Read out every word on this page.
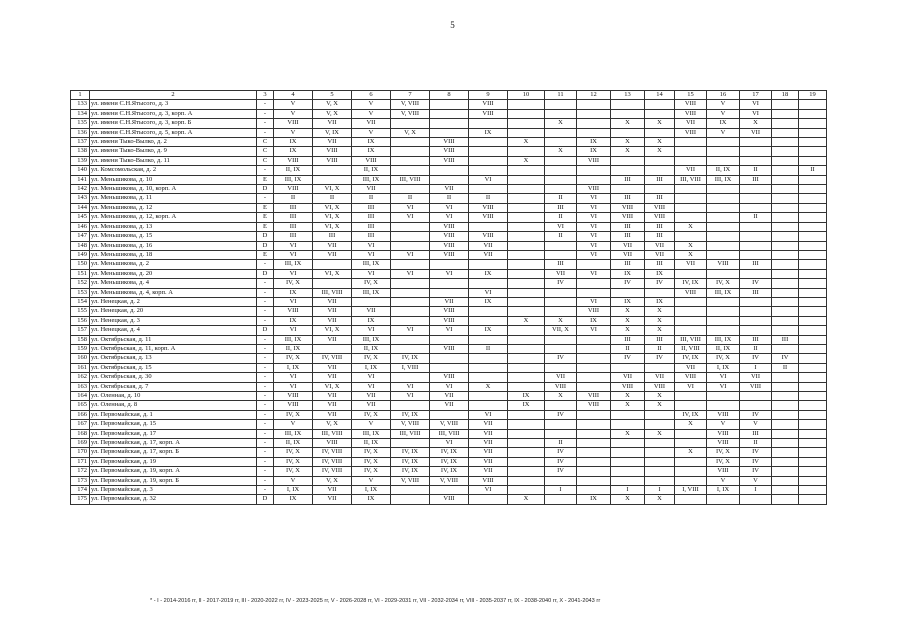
5
1	2	3	4	5	6	7	8	9	10	11	12	13	14	15	16	17	18	19
133	ул. имени С.Н.Ятысого, д. 3	-	V	V, X	V	V, VIII		VIII						VIII	V	VI		
134	ул. имени С.Н.Ятысого, д. 3, корп. А	-	V	V, X	V	V, VIII		VIII						VIII	V	VI		
135	ул. имени С.Н.Ятысого, д. 3, корп. Б	-	VIII	VII	VII					X		X	X	VII	IX	X		
136	ул. имени С.Н.Ятысого, д. 5, корп. А	-	V	V, IX	V	V, X		IX						VIII	V	VII		
137	ул. имени Тыко-Вылко, д. 2	С	IX	VII	IX		VIII		X		IX	X	X					
138	ул. имени Тыко-Вылко, д. 9	С	IX	VIII	IX		VIII			X	IX	X	X					
139	ул. имени Тыко-Вылко, д. 11	С	VIII	VIII	VIII		VIII		X		VIII							
140	ул. Комсомольская, д. 2	-	II, IX		II, IX									VII	II, IX	II		II
141	ул. Меньшикова, д. 10	E	III, IX		III, IX	III, VIII		VI				III	III	III, VIII	III, IX	III		
142	ул. Меньшикова, д. 10, корп. А	D	VIII	VI, X	VII		VII				VIII							
143	ул. Меньшикова, д. 11	-	II	II	II	II	II	II		II	VI	III	III					
144	ул. Меньшикова, д. 12	E	III	VI, X	III	VI	VI	VIII		III	VI	VIII	VIII					
145	ул. Меньшикова, д. 12, корп. А	E	III	VI, X	III	VI	VI	VIII		II	VI	VIII	VIII			II		
146	ул. Меньшикова, д. 13	E	III	VI, X	III		VIII			VI	VI	III	III	X				
147	ул. Меньшикова, д. 15	D	III	III	III		VIII	VIII		II	VI	III	III					
148	ул. Меньшикова, д. 16	D	VI	VII	VI		VIII	VII			VI	VII	VII	X				
149	ул. Меньшикова, д. 18	E	VI	VII	VI	VI	VIII	VII			VI	VII	VII	X				
150	ул. Меньшикова, д. 2	-	III, IX		III, IX					III		III	III	VII	VIII	III		
151	ул. Меньшикова, д. 20	D	VI	VI, X	VI	VI	VI	IX		VII	VI	IX	IX					
152	ул. Меньшикова, д. 4	-	IV, X		IV, X					IV		IV	IV	IV, IX	IV, X	IV		
153	ул. Меньшикова, д. 4, корп. А	-	IX	III, VIII	III, IX			VI						VIII	III, IX	III		
154	ул. Ненецкая, д. 2	-	VI	VII			VII	IX			VI	IX	IX					
155	ул. Ненецкая, д. 20	-	VIII	VII	VII		VIII				VIII	X	X					
156	ул. Ненецкая, д. 3	-	IX	VII	IX		VIII		X	X	IX	X	X					
157	ул. Ненецкая, д. 4	D	VI	VI, X	VI	VI	VI	IX		VII, X	VI	X	X					
158	ул. Октябрьская, д. 11	-	III, IX	VII	III, IX							III	III	III, VIII	III, IX	III	III	
159	ул. Октябрьская, д. 11, корп. А	-	II, IX		II, IX		VIII	II				II	II	II, VIII	II, IX	II		
160	ул. Октябрьская, д. 13	-	IV, X	IV, VIII	IV, X	IV, IX				IV		IV	IV	IV, IX	IV, X	IV	IV	
161	ул. Октябрьская, д. 15	-	I, IX	VII	I, IX	I, VIII								VII	I, IX	I	II	
162	ул. Октябрьская, д. 30	-	VI	VII	VI		VIII			VII		VII	VII	VIII	VI	VII		
163	ул. Октябрьская, д. 7	-	VI	VI, X	VI	VI	VI	X		VIII		VIII	VIII	VI	VI	VIII		
164	ул. Оленная, д. 10	-	VIII	VII	VII	VI	VII		IX	X	VIII	X	X					
165	ул. Оленная, д. 8	-	VIII	VII	VII		VII		IX		VIII	X	X					
166	ул. Первомайская, д. 1	-	IV, X	VII	IV, X	IV, IX		VI		IV				IV, IX	VIII	IV		
167	ул. Первомайская, д. 15	-	V	V, X	V	V, VIII	V, VIII	VII						X	V	V		
168	ул. Первомайская, д. 17	-	III, IX	III, VIII	III, IX	III, VIII	III, VIII	VII				X	X		VIII	III		
169	ул. Первомайская, д. 17, корп. А	-	II, IX	VIII	II, IX		VI	VII		II					VIII	II		
170	ул. Первомайская, д. 17, корп. Б	-	IV, X	IV, VIII	IV, X	IV, IX	IV, IX	VII		IV				X	IV, X	IV		
171	ул. Первомайская, д. 19	-	IV, X	IV, VIII	IV, X	IV, IX	IV, IX	VII		IV					IV, X	IV		
172	ул. Первомайская, д. 19, корп. А	-	IV, X	IV, VIII	IV, X	IV, IX	IV, IX	VII		IV					VIII	IV		
173	ул. Первомайская, д. 19, корп. Б	-	V	V, X	V	V, VIII	V, VIII	VIII							V	V		
174	ул. Первомайская, д. 3	-	I, IX	VII	I, IX			VI		I		I	I	I, VIII	I, IX	I		
175	ул. Первомайская, д. 32	D	IX	VII	IX		VIII		X		IX	X	X					
* - I - 2014-2016 гг, II - 2017-2019 гг, III - 2020-2022 гг, IV - 2023-2025 гг, V - 2026-2028 гг, VI - 2029-2031 гг, VII - 2032-2034 гг, VIII - 2035-2037 гг, IX - 2038-2040 гг, X - 2041-2043 гг
